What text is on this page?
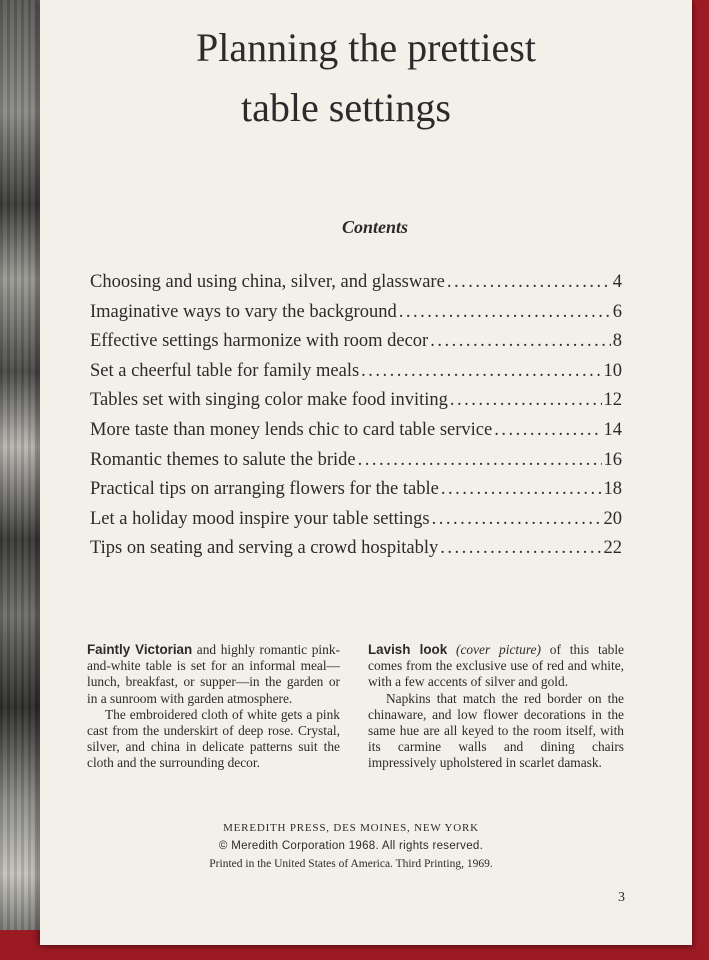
Planning the prettiest
table settings
Contents
Choosing and using china, silver, and glassware .....	4
Imaginative ways to vary the background .....	6
Effective settings harmonize with room decor .....	8
Set a cheerful table for family meals .....	10
Tables set with singing color make food inviting .....	12
More taste than money lends chic to card table service .....	14
Romantic themes to salute the bride .....	16
Practical tips on arranging flowers for the table .....	18
Let a holiday mood inspire your table settings .....	20
Tips on seating and serving a crowd hospitably .....	22

Faintly Victorian and highly romantic pink-and-white table is set for an informal meal—lunch, breakfast, or supper—in the garden or in a sunroom with garden atmosphere.

The embroidered cloth of white gets a pink cast from the underskirt of deep rose. Crystal, silver, and china in delicate patterns suit the cloth and the surrounding decor.

Lavish look (cover picture) of this table comes from the exclusive use of red and white, with a few accents of silver and gold.

Napkins that match the red border on the chinaware, and low flower decorations in the same hue are all keyed to the room itself, with its carmine walls and dining chairs impressively upholstered in scarlet damask.

MEREDITH PRESS, DES MOINES, NEW YORK
© Meredith Corporation 1968. All rights reserved.
Printed in the United States of America. Third Printing, 1969.
3
